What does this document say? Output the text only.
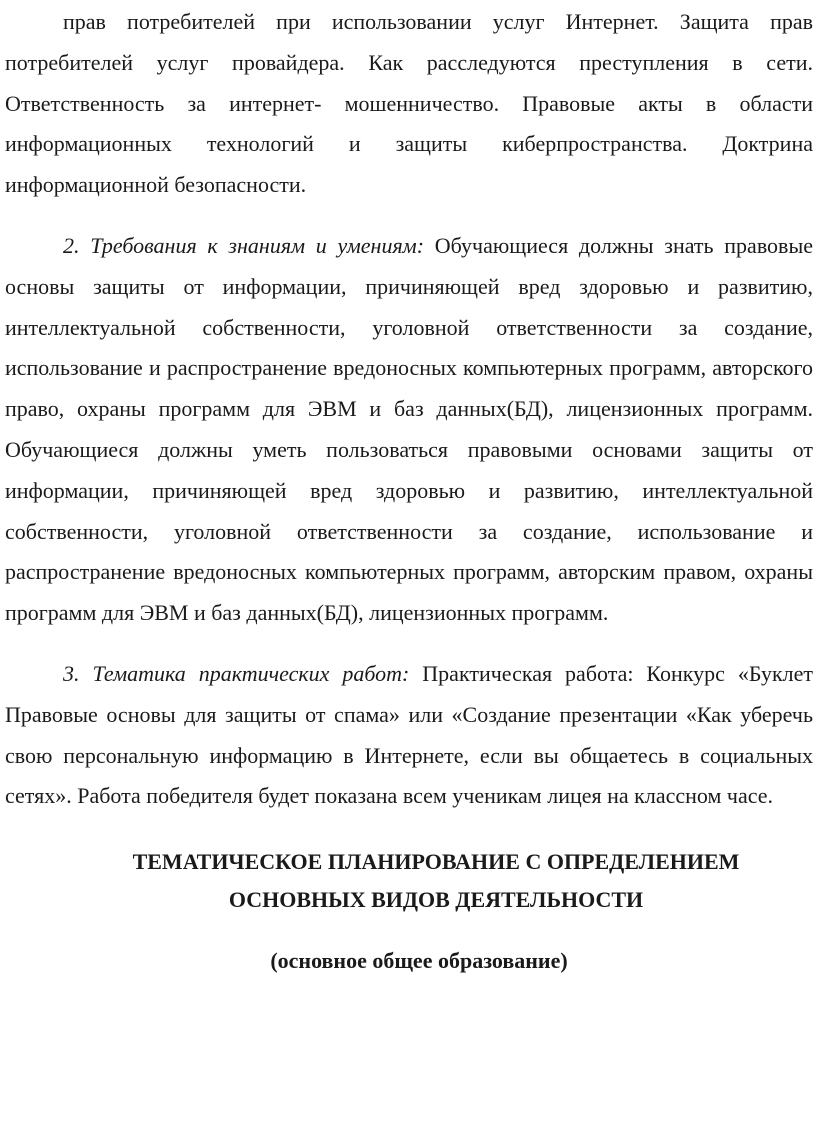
прав потребителей при использовании услуг Интернет. Защита прав потребителей услуг провайдера. Как расследуются преступления в сети. Ответственность за интернет- мошенничество. Правовые акты в области информационных технологий и защиты киберпространства. Доктрина информационной безопасности.

2. Требования к знаниям и умениям: Обучающиеся должны знать правовые основы защиты от информации, причиняющей вред здоровью и развитию, интеллектуальной собственности, уголовной ответственности за создание, использование и распространение вредоносных компьютерных программ, авторского право, охраны программ для ЭВМ и баз данных(БД), лицензионных программ. Обучающиеся должны уметь пользоваться правовыми основами защиты от информации, причиняющей вред здоровью и развитию, интеллектуальной собственности, уголовной ответственности за создание, использование и распространение вредоносных компьютерных программ, авторским правом, охраны программ для ЭВМ и баз данных(БД), лицензионных программ.

3. Тематика практических работ: Практическая работа: Конкурс «Буклет Правовые основы для защиты от спама» или «Создание презентации «Как уберечь свою персональную информацию в Интернете, если вы общаетесь в социальных сетях». Работа победителя будет показана всем ученикам лицея на классном часе.

ТЕМАТИЧЕСКОЕ ПЛАНИРОВАНИЕ С ОПРЕДЕЛЕНИЕМ

ОСНОВНЫХ ВИДОВ ДЕЯТЕЛЬНОСТИ

(основное общее образование)
